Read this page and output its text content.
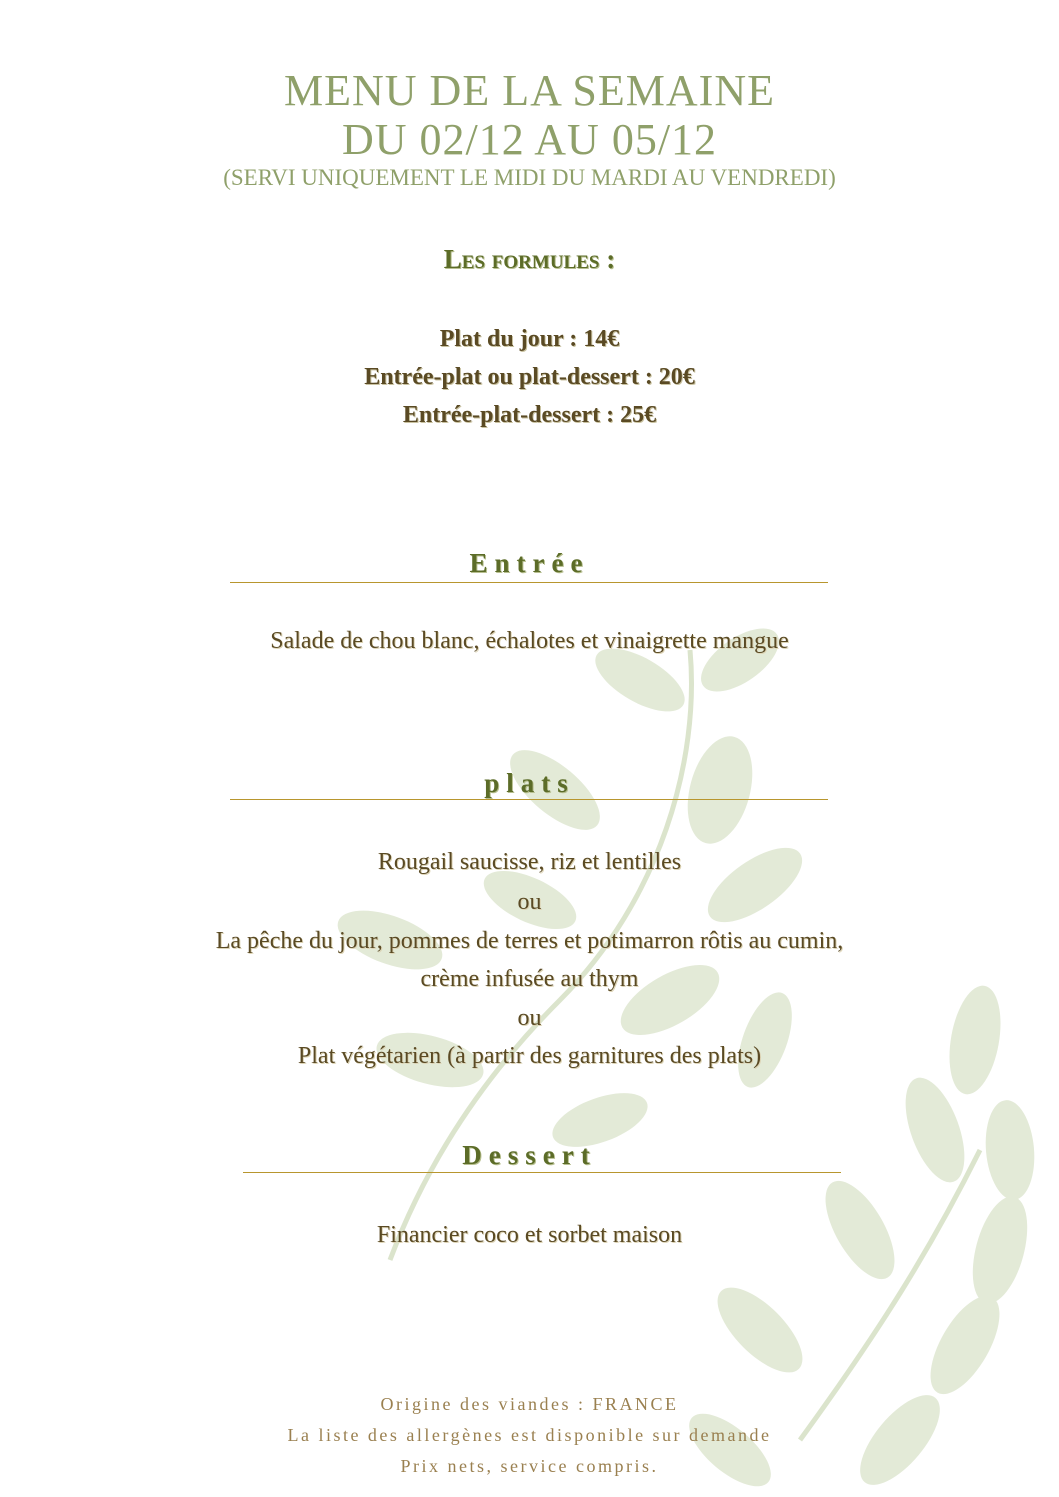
MENU DE LA SEMAINE
DU 02/12 AU 05/12
(SERVI UNIQUEMENT LE MIDI DU MARDI AU VENDREDI)
Les formules :
Plat du jour : 14€
Entrée-plat ou plat-dessert : 20€
Entrée-plat-dessert : 25€
Entrée
Salade de chou blanc, échalotes et vinaigrette mangue
plats
Rougail saucisse, riz et lentilles
ou
La pêche du jour, pommes de terres et potimarron rôtis au cumin,
crème infusée au thym
ou
Plat végétarien (à partir des garnitures des plats)
Dessert
Financier coco et sorbet maison
Origine des viandes : FRANCE
La liste des allergènes est disponible sur demande
Prix nets, service compris.
